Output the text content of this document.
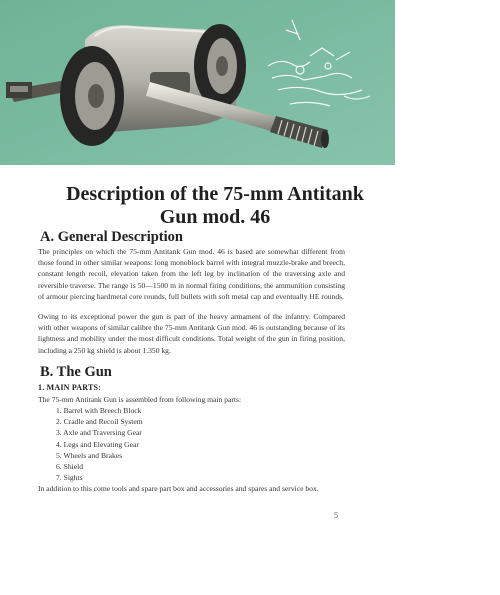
Description of the 75-mm Antitank
Gun mod. 46
A. General Description

The principles on which the 75-mm Antitank Gun mod. 46 is based are somewhat different from those found in other similar weapons: long monoblock barrel with integral muzzle-brake and breech, constant length recoil, elevation taken from the left leg by inclination of the traversing axle and reversible traverse. The range is 50—1500 m in normal firing conditions, the ammunition consisting of armour piercing hardmetal core rounds, full bullets with soft metal cap and eventually HE rounds.

Owing to its exceptional power the gun is part of the heavy armament of the infantry. Compared with other weapons of similar calibre the 75-mm Antitank Gun mod. 46 is outstanding because of its lightness and mobility under the most difficult conditions. Total weight of the gun in firing position, including a 250 kg shield is about 1.350 kg.

B. The Gun
1. MAIN PARTS:

The 75-mm Antitank Gun is assembled from following main parts:

1. Barrel with Breech Block
2. Cradle and Recoil System
3. Axle and Traversing Gear
4. Legs and Elevating Gear
5. Wheels and Brakes
6. Shield
7. Sights

In addition to this come tools and spare part box and accessories and spares and service box.

5
